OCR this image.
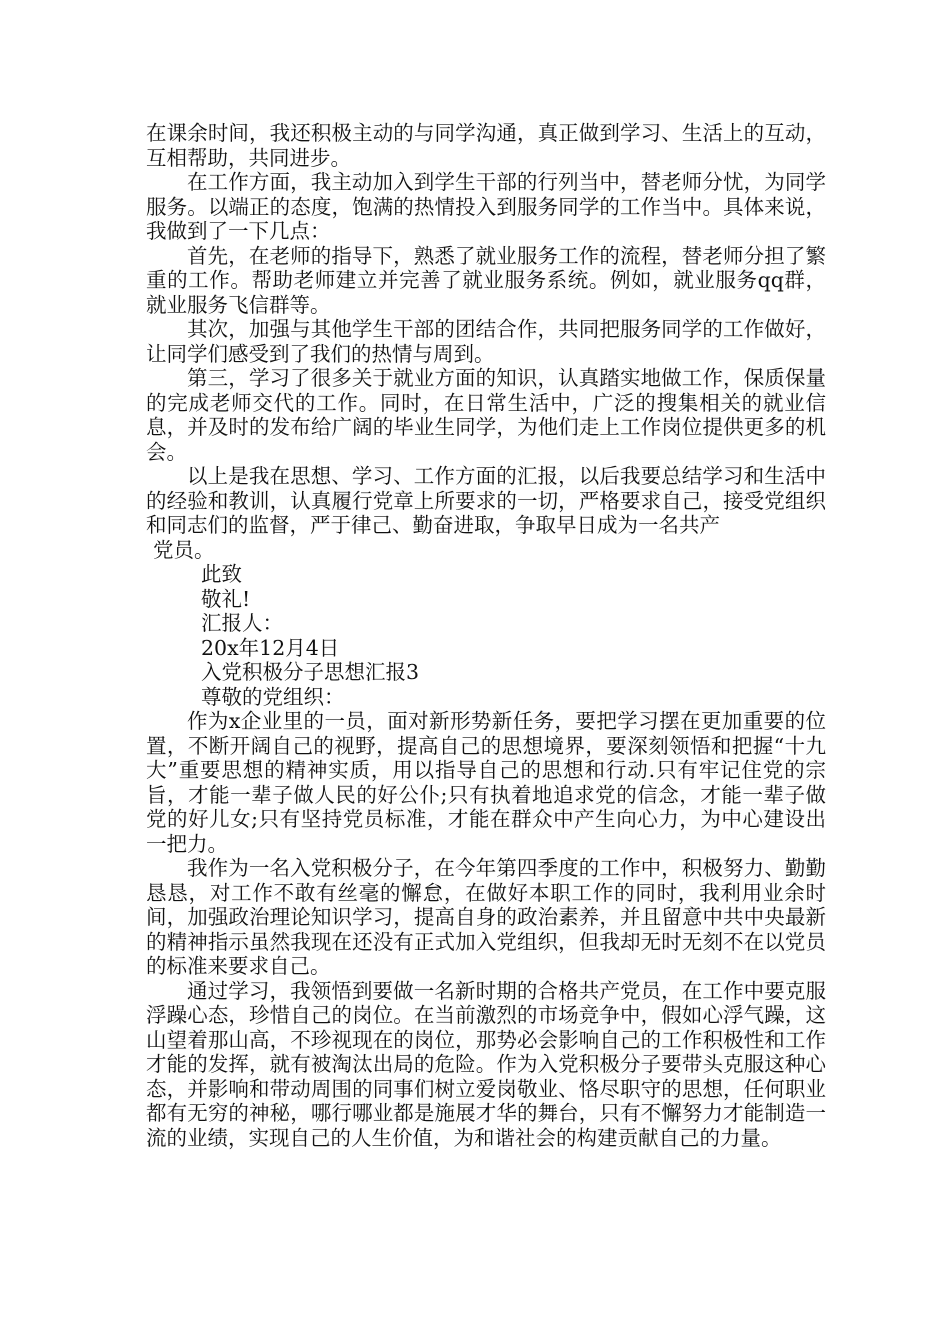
在课余时间，我还积极主动的与同学沟通，真正做到学习、生活上的互动，互相帮助，共同进步。

在工作方面，我主动加入到学生干部的行列当中，替老师分忧，为同学服务。以端正的态度，饱满的热情投入到服务同学的工作当中。具体来说，我做到了一下几点：

首先，在老师的指导下，熟悉了就业服务工作的流程，替老师分担了繁重的工作。帮助老师建立并完善了就业服务系统。例如，就业服务qq群，就业服务飞信群等。

其次，加强与其他学生干部的团结合作，共同把服务同学的工作做好，让同学们感受到了我们的热情与周到。

第三，学习了很多关于就业方面的知识，认真踏实地做工作，保质保量的完成老师交代的工作。同时，在日常生活中，广泛的搜集相关的就业信息，并及时的发布给广阔的毕业生同学，为他们走上工作岗位提供更多的机会。

以上是我在思想、学习、工作方面的汇报，以后我要总结学习和生活中的经验和教训，认真履行党章上所要求的一切，严格要求自己，接受党组织和同志们的监督，严于律己、勤奋进取，争取早日成为一名共产

党员。

此致

敬礼!

汇报人：

20x年12月4日

入党积极分子思想汇报3

尊敬的党组织：

作为x企业里的一员，面对新形势新任务，要把学习摆在更加重要的位置，不断开阔自己的视野，提高自己的思想境界，要深刻领悟和把握“十九大”重要思想的精神实质，用以指导自己的思想和行动.只有牢记住党的宗旨，才能一辈子做人民的好公仆;只有执着地追求党的信念，才能一辈子做党的好儿女;只有坚持党员标准，才能在群众中产生向心力，为中心建设出一把力。

我作为一名入党积极分子，在今年第四季度的工作中，积极努力、勤勤恳恳，对工作不敢有丝毫的懈怠，在做好本职工作的同时，我利用业余时间，加强政治理论知识学习，提高自身的政治素养，并且留意中共中央最新的精神指示虽然我现在还没有正式加入党组织，但我却无时无刻不在以党员的标准来要求自己。

通过学习，我领悟到要做一名新时期的合格共产党员，在工作中要克服浮躁心态，珍惜自己的岗位。在当前激烈的市场竞争中，假如心浮气躁，这山望着那山高，不珍视现在的岗位，那势必会影响自己的工作积极性和工作才能的发挥，就有被淘汰出局的危险。作为入党积极分子要带头克服这种心态，并影响和带动周围的同事们树立爱岗敬业、恪尽职守的思想，任何职业都有无穷的神秘，哪行哪业都是施展才华的舞台，只有不懈努力才能制造一流的业绩，实现自己的人生价值，为和谐社会的构建贡献自己的力量。
